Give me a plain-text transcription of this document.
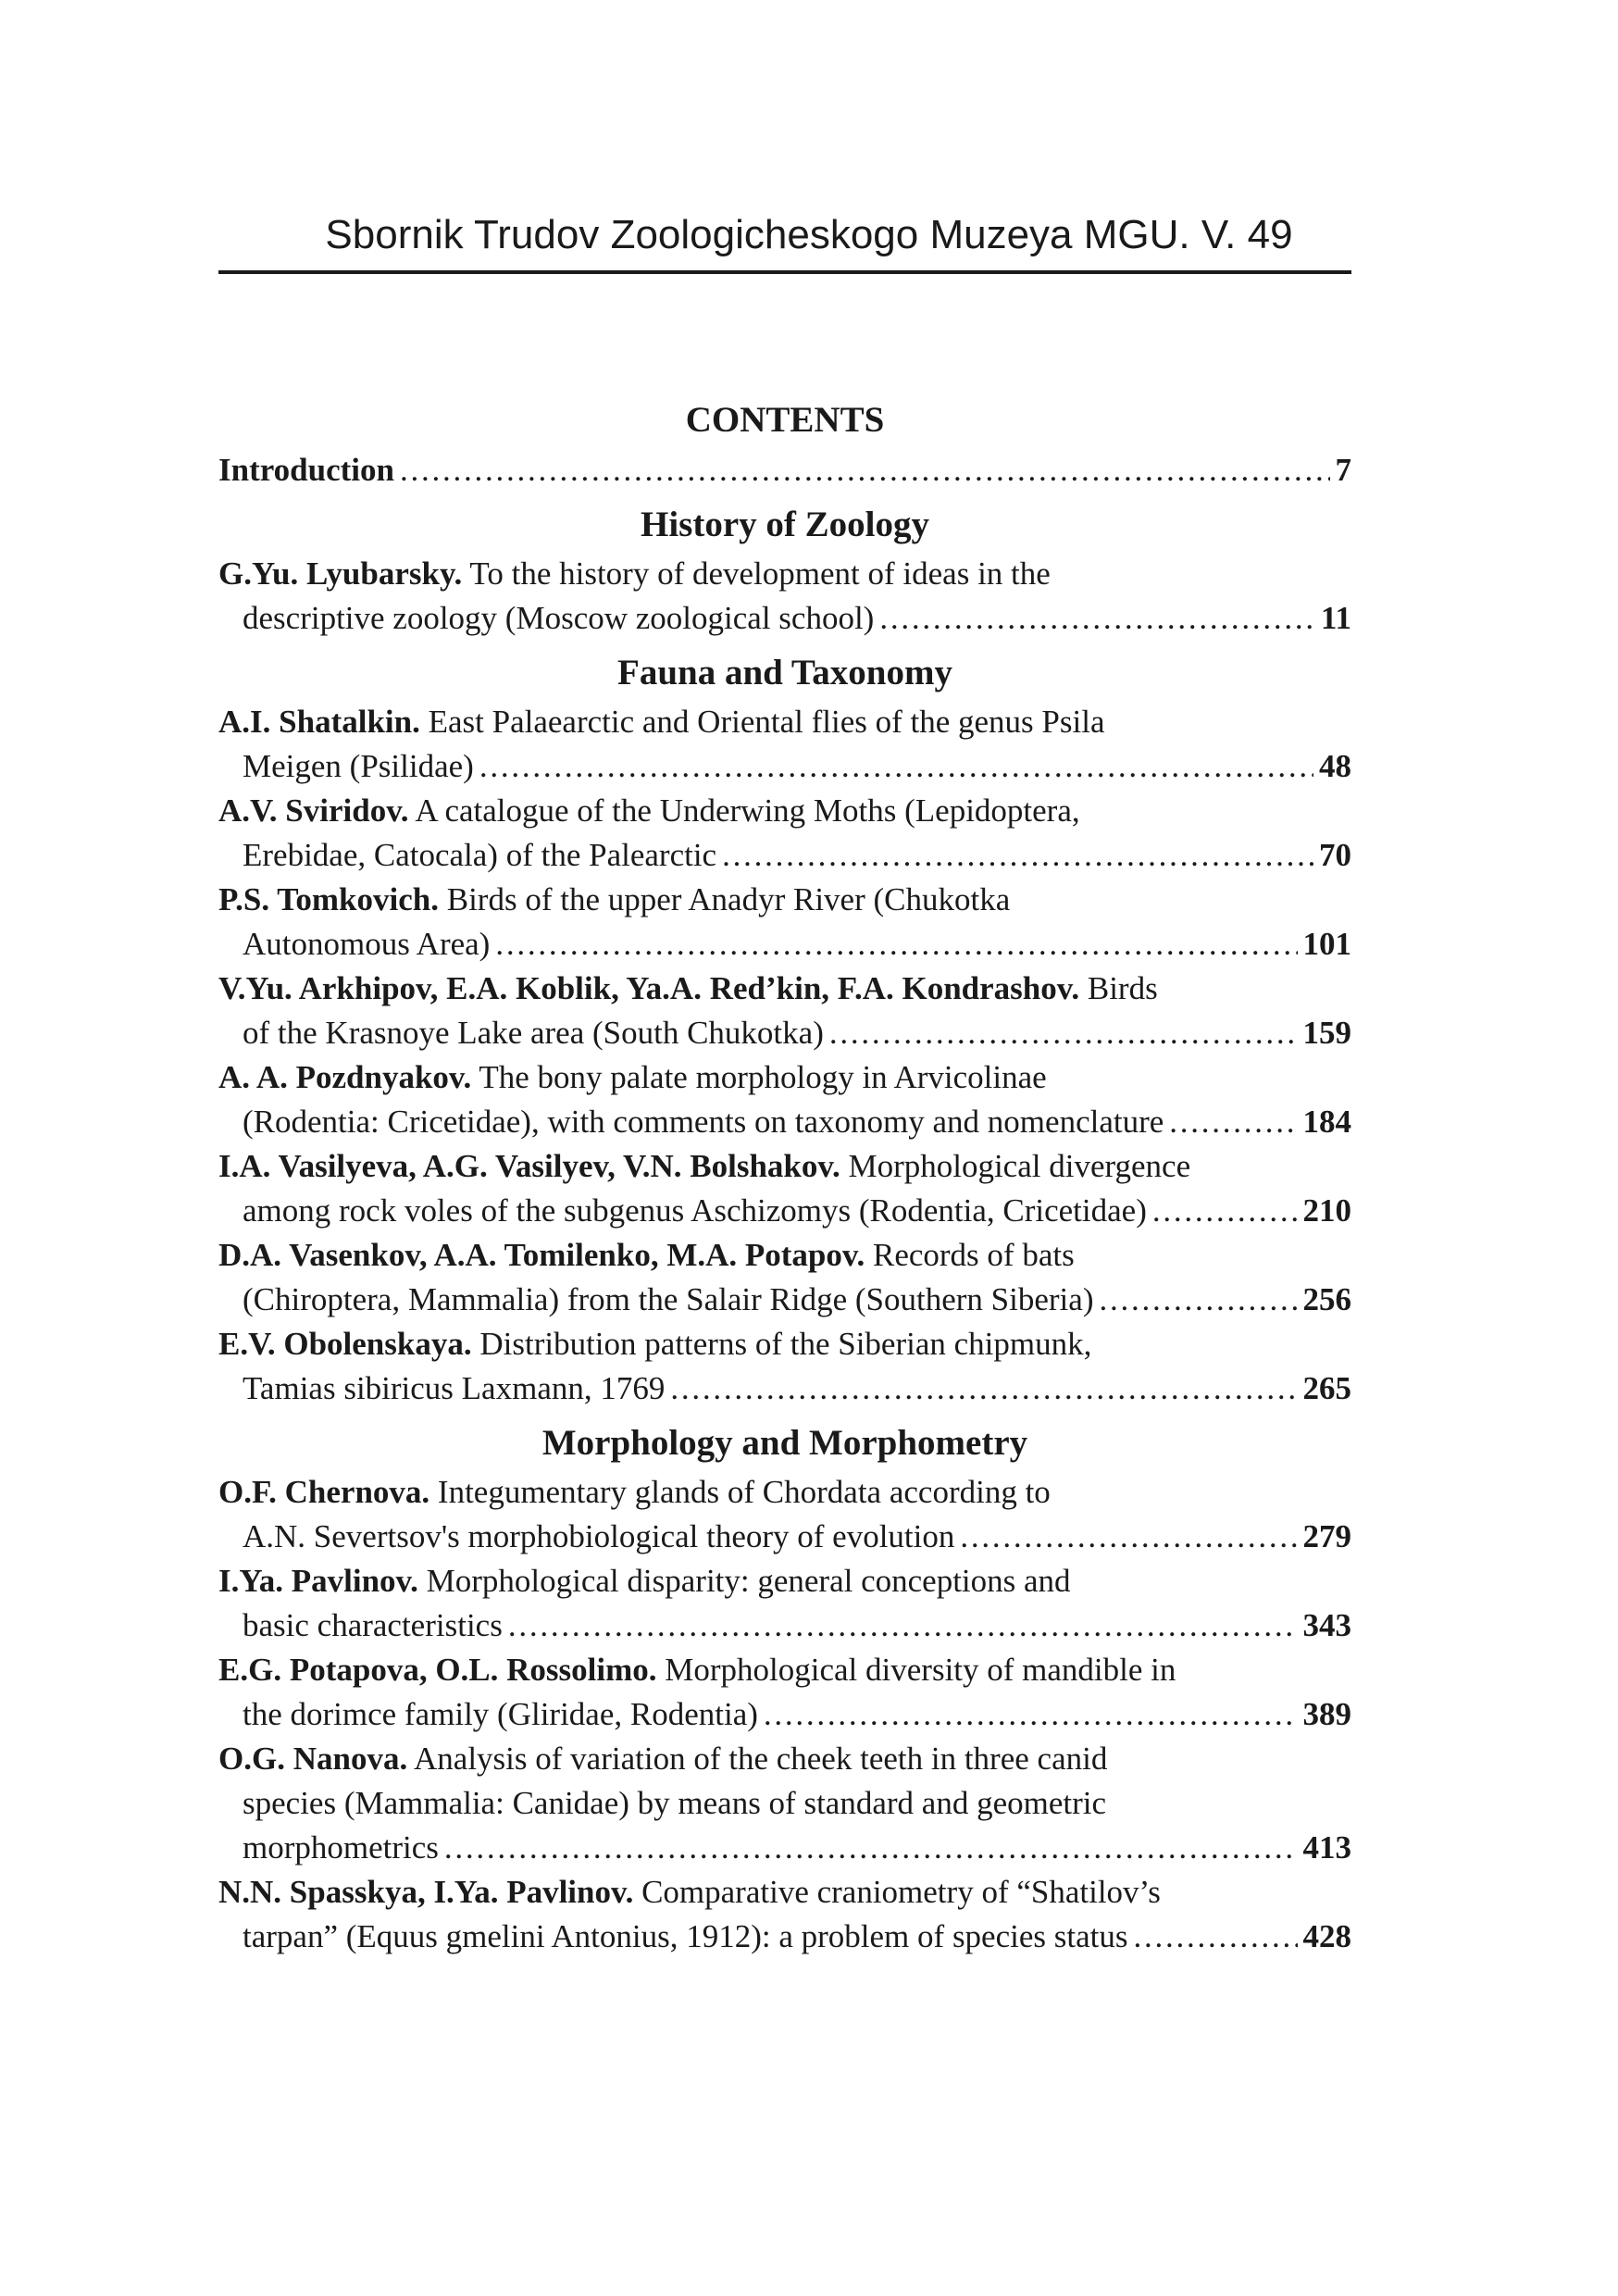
Sbornik Trudov Zoologicheskogo Muzeya MGU. V. 49
CONTENTS
Introduction . . .	7
History of Zoology
G.Yu. Lyubarsky. To the history of development of ideas in the
descriptive zoology (Moscow zoological school) . . .	11
Fauna and Taxonomy
A.I. Shatalkin. East Palaearctic and Oriental flies of the genus Psila
Meigen (Psilidae) . . .	48
A.V. Sviridov. A catalogue of the Underwing Moths (Lepidoptera,
Erebidae, Catocala) of the Palearctic . . .	70
P.S. Tomkovich. Birds of the upper Anadyr River (Chukotka
Autonomous Area) . . .	101
V.Yu. Arkhipov, E.A. Koblik, Ya.A. Red’kin, F.A. Kondrashov. Birds
of the Krasnoye Lake area (South Chukotka) . . .	159
A. A. Pozdnyakov. The bony palate morphology in Arvicolinae
(Rodentia: Cricetidae), with comments on taxonomy and nomenclature . . .	184
I.A. Vasilyeva, A.G. Vasilyev, V.N. Bolshakov. Morphological divergence
among rock voles of the subgenus Aschizomys (Rodentia, Cricetidae) . . .	210
D.A. Vasenkov, A.A. Tomilenko, M.A. Potapov. Records of bats
(Chiroptera, Mammalia) from the Salair Ridge (Southern Siberia) . . .	256
E.V. Obolenskaya. Distribution patterns of the Siberian chipmunk,
Tamias sibiricus Laxmann, 1769 . . .	265
Morphology and Morphometry
O.F. Chernova. Integumentary glands of Chordata according to
A.N. Severtsov's morphobiological theory of evolution . . .	279
I.Ya. Pavlinov. Morphological disparity: general conceptions and
basic characteristics . . .	343
E.G. Potapova, O.L. Rossolimo. Morphological diversity of mandible in
the dorimce family (Gliridae, Rodentia) . . .	389
O.G. Nanova. Analysis of variation of the cheek teeth in three canid
species (Mammalia: Canidae) by means of standard and geometric
morphometrics . . .	413
N.N. Spasskya, I.Ya. Pavlinov. Comparative craniometry of “Shatilov’s
tarpan” (Equus gmelini Antonius, 1912): a problem of species status . . .	428
